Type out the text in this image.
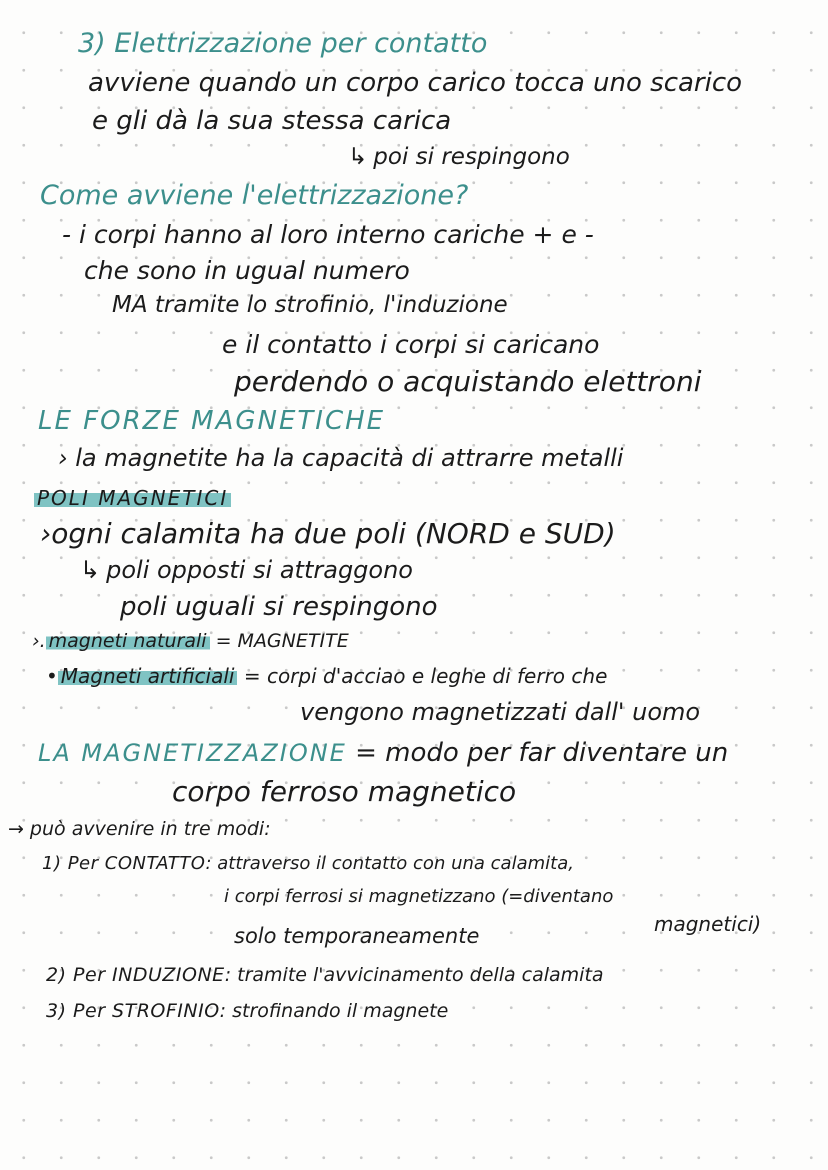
3) Elettrizzazione per contatto
avviene quando un corpo carico tocca uno scarico
e gli dà la sua stessa carica
↳ poi si respingono
Come avviene l'elettrizzazione?
- i corpi hanno al loro interno cariche + e -
che sono in ugual numero
MA tramite lo strofinio, l'induzione
e il contatto i corpi si caricano
perdendo o acquistando elettroni
LE FORZE MAGNETICHE
› la magnetite ha la capacità di attrarre metalli
POLI MAGNETICI
›ogni calamita ha due poli (NORD e SUD)
↳ poli opposti si attraggono
poli uguali si respingono
›. magneti naturali = MAGNETITE
• Magneti artificiali = corpi d'acciao e leghe di ferro che
vengono magnetizzati dall' uomo
LA MAGNETIZZAZIONE = modo per far diventare un
corpo ferroso magnetico
→ può avvenire in tre modi:
1) Per CONTATTO: attraverso il contatto con una calamita,
i corpi ferrosi si magnetizzano (=diventano
solo temporaneamente	magnetici)
2) Per INDUZIONE: tramite l'avvicinamento della calamita
3) Per STROFINIO: strofinando il magnete
